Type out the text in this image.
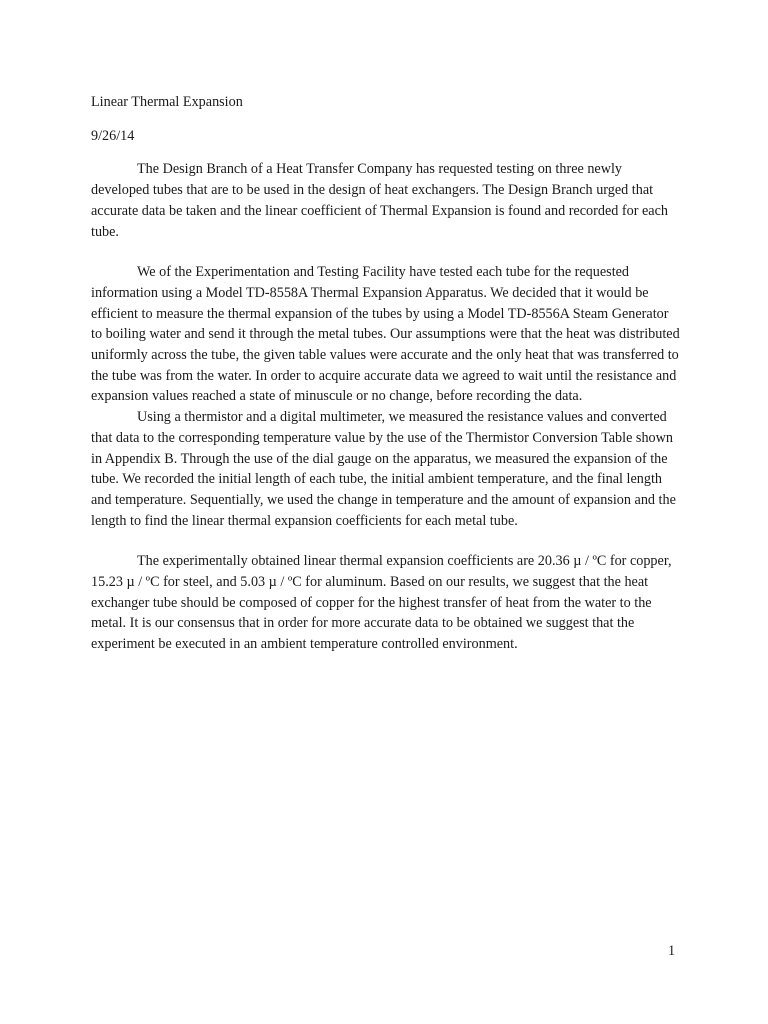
Linear Thermal Expansion

9/26/14

The Design Branch of a Heat Transfer Company has requested testing on three newly developed tubes that are to be used in the design of heat exchangers. The Design Branch urged that accurate data be taken and the linear coefficient of Thermal Expansion is found and recorded for each tube.

We of the Experimentation and Testing Facility have tested each tube for the requested information using a Model TD-8558A Thermal Expansion Apparatus. We decided that it would be efficient to measure the thermal expansion of the tubes by using a Model TD-8556A Steam Generator to boiling water and send it through the metal tubes. Our assumptions were that the heat was distributed uniformly across the tube, the given table values were accurate and the only heat that was transferred to the tube was from the water. In order to acquire accurate data we agreed to wait until the resistance and expansion values reached a state of minuscule or no change, before recording the data.

Using a thermistor and a digital multimeter, we measured the resistance values and converted that data to the corresponding temperature value by the use of the Thermistor Conversion Table shown in Appendix B. Through the use of the dial gauge on the apparatus, we measured the expansion of the tube. We recorded the initial length of each tube, the initial ambient temperature, and the final length and temperature. Sequentially, we used the change in temperature and the amount of expansion and the length to find the linear thermal expansion coefficients for each metal tube.

The experimentally obtained linear thermal expansion coefficients are 20.36 µ / ºC for copper, 15.23 µ / ºC for steel, and 5.03 µ / ºC for aluminum. Based on our results, we suggest that the heat exchanger tube should be composed of copper for the highest transfer of heat from the water to the metal. It is our consensus that in order for more accurate data to be obtained we suggest that the experiment be executed in an ambient temperature controlled environment.

1
